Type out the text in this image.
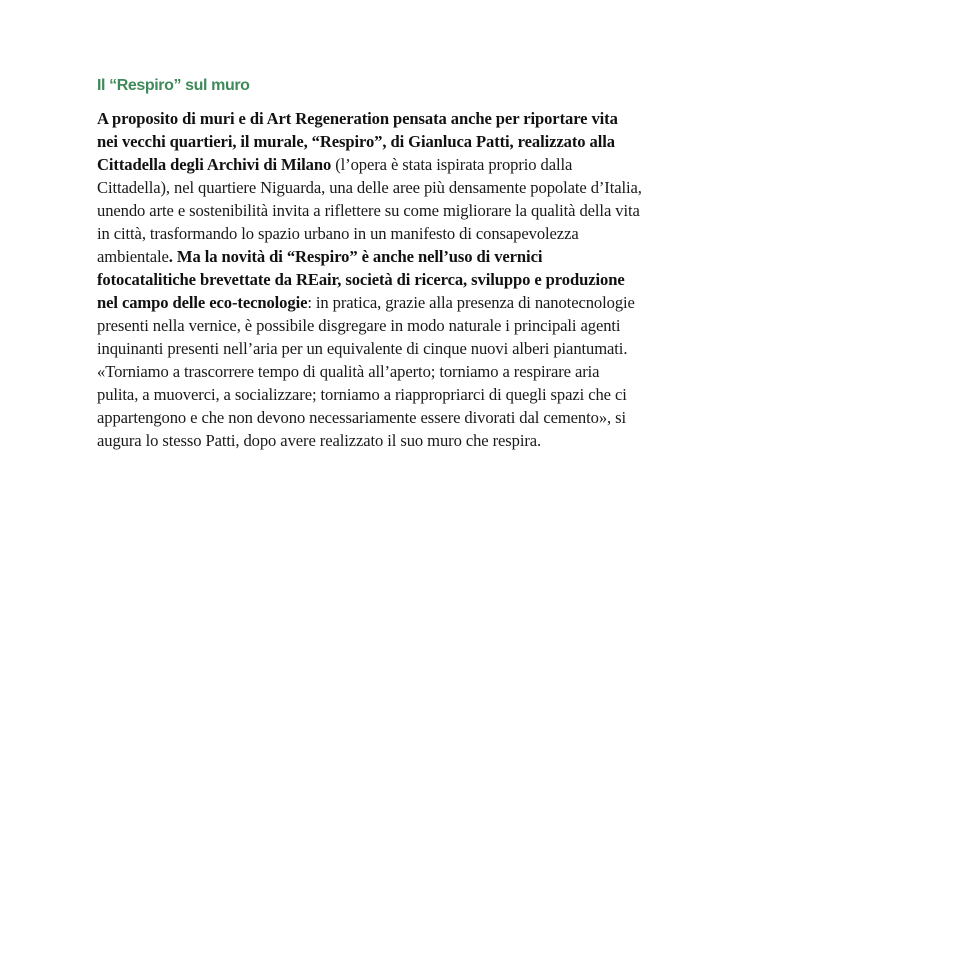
Il “Respiro” sul muro

A proposito di muri e di Art Regeneration pensata anche per riportare vita nei vecchi quartieri, il murale, “Respiro”, di Gianluca Patti, realizzato alla Cittadella degli Archivi di Milano (l’opera è stata ispirata proprio dalla Cittadella), nel quartiere Niguarda, una delle aree più densamente popolate d’Italia, unendo arte e sostenibilità invita a riflettere su come migliorare la qualità della vita in città, trasformando lo spazio urbano in un manifesto di consapevolezza ambientale. Ma la novità di “Respiro” è anche nell’uso di vernici fotocatalitiche brevettate da REair, società di ricerca, sviluppo e produzione nel campo delle eco-tecnologie: in pratica, grazie alla presenza di nanotecnologie presenti nella vernice, è possibile disgregare in modo naturale i principali agenti inquinanti presenti nell’aria per un equivalente di cinque nuovi alberi piantumati. «Torniamo a trascorrere tempo di qualità all’aperto; torniamo a respirare aria pulita, a muoverci, a socializzare; torniamo a riappropriarci di quegli spazi che ci appartengono e che non devono necessariamente essere divorati dal cemento», si augura lo stesso Patti, dopo avere realizzato il suo muro che respira.
